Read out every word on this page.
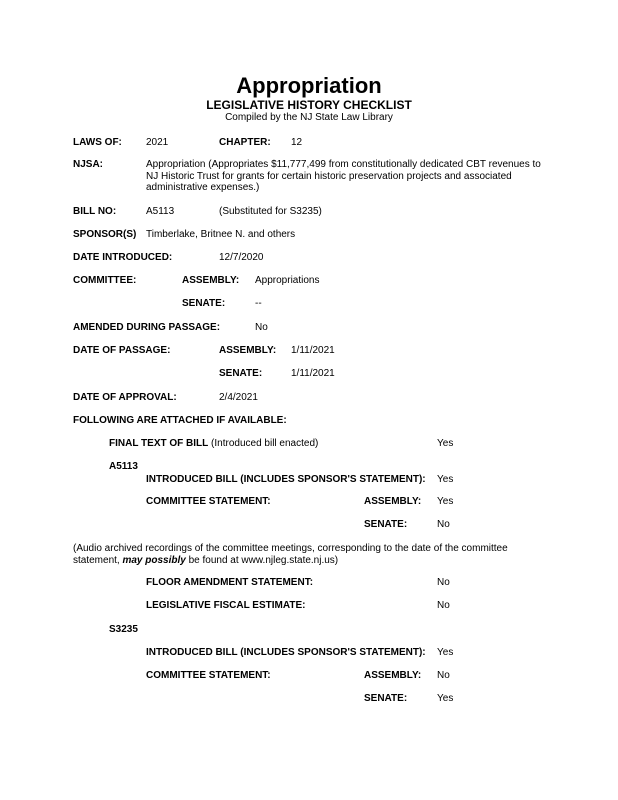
Appropriation
LEGISLATIVE HISTORY CHECKLIST
Compiled by the NJ State Law Library
LAWS OF: 2021	CHAPTER: 12
NJSA:	Appropriation (Appropriates $11,777,499 from constitutionally dedicated CBT revenues to NJ Historic Trust for grants for certain historic preservation projects and associated administrative expenses.)
BILL NO:	A5113	(Substituted for S3235)
SPONSOR(S) Timberlake, Britnee N. and others
DATE INTRODUCED:	12/7/2020
COMMITTEE:	ASSEMBLY: Appropriations
SENATE:	--
AMENDED DURING PASSAGE:	No
DATE OF PASSAGE:	ASSEMBLY: 1/11/2021
SENATE:	1/11/2021
DATE OF APPROVAL:	2/4/2021
FOLLOWING ARE ATTACHED IF AVAILABLE:
FINAL TEXT OF BILL (Introduced bill enacted)	Yes
A5113
INTRODUCED BILL (INCLUDES SPONSOR'S STATEMENT): Yes
COMMITTEE STATEMENT:	ASSEMBLY: Yes
SENATE:	No
(Audio archived recordings of the committee meetings, corresponding to the date of the committee statement, may possibly be found at www.njleg.state.nj.us)
FLOOR AMENDMENT STATEMENT:	No
LEGISLATIVE FISCAL ESTIMATE:	No
S3235
INTRODUCED BILL (INCLUDES SPONSOR'S STATEMENT): Yes
COMMITTEE STATEMENT:	ASSEMBLY: No
SENATE:	Yes
